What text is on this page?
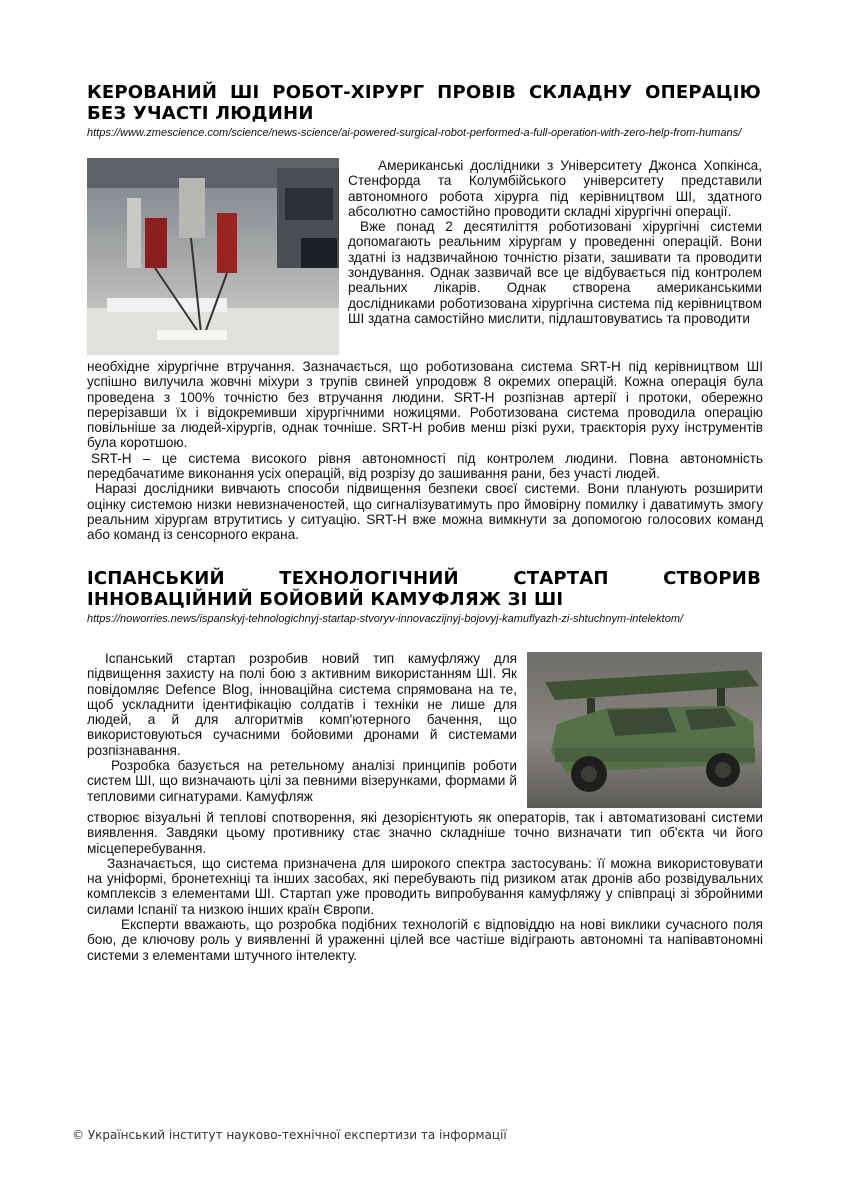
КЕРОВАНИЙ ШІ РОБОТ-ХІРУРГ ПРОВІВ СКЛАДНУ ОПЕРАЦІЮ БЕЗ УЧАСТІ ЛЮДИНИ
https://www.zmescience.com/science/news-science/ai-powered-surgical-robot-performed-a-full-operation-with-zero-help-from-humans/

Американські дослідники з Університету Джонса Хопкінса, Стенфорда та Колумбійського університету представили автономного робота хірурга під керівництвом ШІ, здатного абсолютно самостійно проводити складні хірургічні операції.

Вже понад 2 десятиліття роботизовані хірургічні системи допомагають реальним хірургам у проведенні операцій. Вони здатні із надзвичайною точністю різати, зашивати та проводити зондування. Однак зазвичай все це відбувається під контролем реальних лікарів. Однак створена американськими дослідниками роботизована хірургічна система під керівництвом ШІ здатна самостійно мислити, підлаштовуватись та проводити

необхідне хірургічне втручання. Зазначається, що роботизована система SRT-H під керівництвом ШІ успішно вилучила жовчні міхури з трупів свиней упродовж 8 окремих операцій. Кожна операція була проведена з 100% точністю без втручання людини. SRT-H розпізнав артерії і протоки, обережно перерізавши їх і відокремивши хірургічними ножицями. Роботизована система проводила операцію повільніше за людей-хірургів, однак точніше. SRT-H робив менш різкі рухи, траєкторія руху інструментів була коротшою.

SRT-H – це система високого рівня автономності під контролем людини. Повна автономність передбачатиме виконання усіх операцій, від розрізу до зашивання рани, без участі людей.

Наразі дослідники вивчають способи підвищення безпеки своєї системи. Вони планують розширити оцінку системою низки невизначеностей, що сигналізуватимуть про ймовірну помилку і даватимуть змогу реальним хірургам втрутитись у ситуацію. SRT-H вже можна вимкнути за допомогою голосових команд або команд із сенсорного екрана.

ІСПАНСЬКИЙ ТЕХНОЛОГІЧНИЙ СТАРТАП СТВОРИВ ІННОВАЦІЙНИЙ БОЙОВИЙ КАМУФЛЯЖ ЗІ ШІ
https://noworries.news/ispanskyj-tehnologichnyj-startap-stvoryv-innovaczijnyj-bojovyj-kamuflyazh-zi-shtuchnym-intelektom/

Іспанський стартап розробив новий тип камуфляжу для підвищення захисту на полі бою з активним використанням ШІ. Як повідомляє Defence Blog, інноваційна система спрямована на те, щоб ускладнити ідентифікацію солдатів і техніки не лише для людей, а й для алгоритмів комп'ютерного бачення, що використовуються сучасними бойовими дронами й системами розпізнавання.

Розробка базується на ретельному аналізі принципів роботи систем ШІ, що визначають цілі за певними візерунками, формами й тепловими сигнатурами. Камуфляж

створює візуальні й теплові спотворення, які дезорієнтують як операторів, так і автоматизовані системи виявлення. Завдяки цьому противнику стає значно складніше точно визначати тип об'єкта чи його місцеперебування.

Зазначається, що система призначена для широкого спектра застосувань: її можна використовувати на уніформі, бронетехніці та інших засобах, які перебувають під ризиком атак дронів або розвідувальних комплексів з елементами ШІ. Стартап уже проводить випробування камуфляжу у співпраці зі збройними силами Іспанії та низкою інших країн Європи.

Експерти вважають, що розробка подібних технологій є відповіддю на нові виклики сучасного поля бою, де ключову роль у виявленні й ураженні цілей все частіше відіграють автономні та напівавтономні системи з елементами штучного інтелекту.

© Український інститут науково-технічної експертизи та інформації
